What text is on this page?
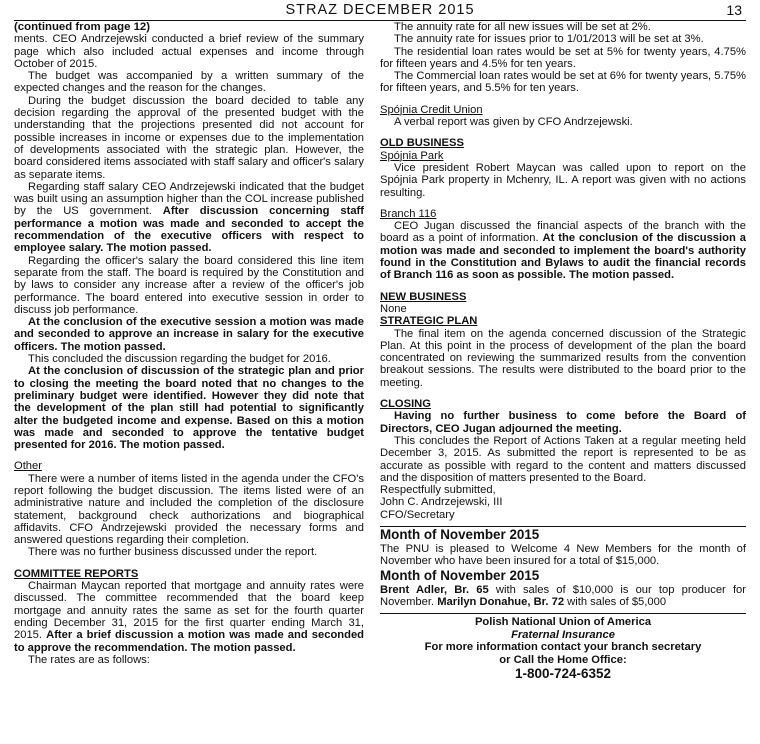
STRAZ DECEMBER 2015	13

(continued from page 12)

ments. CEO Andrzejewski conducted a brief review of the summary page which also included actual expenses and income through October of 2015.

The budget was accompanied by a written summary of the expected changes and the reason for the changes.

During the budget discussion the board decided to table any decision regarding the approval of the presented budget with the understanding that the projections presented did not account for possible increases in income or expenses due to the implementation of developments associated with the strategic plan. However, the board considered items associated with staff salary and officer's salary as separate items.

Regarding staff salary CEO Andrzejewski indicated that the budget was built using an assumption higher than the COL increase published by the US government. After discussion concerning staff performance a motion was made and seconded to accept the recommendation of the executive officers with respect to employee salary. The motion passed.

Regarding the officer's salary the board considered this line item separate from the staff. The board is required by the Constitution and by laws to consider any increase after a review of the officer's job performance. The board entered into executive session in order to discuss job performance.

At the conclusion of the executive session a motion was made and seconded to approve an increase in salary for the executive officers. The motion passed.

This concluded the discussion regarding the budget for 2016.

At the conclusion of discussion of the strategic plan and prior to closing the meeting the board noted that no changes to the preliminary budget were identified. However they did note that the development of the plan still had potential to significantly alter the budgeted income and expense. Based on this a motion was made and seconded to approve the tentative budget presented for 2016. The motion passed.

Other

There were a number of items listed in the agenda under the CFO's report following the budget discussion. The items listed were of an administrative nature and included the completion of the disclosure statement, background check authorizations and biographical affidavits. CFO Andrzejewski provided the necessary forms and answered questions regarding their completion.

There was no further business discussed under the report.

COMMITTEE REPORTS

Chairman Maycan reported that mortgage and annuity rates were discussed. The committee recommended that the board keep mortgage and annuity rates the same as set for the fourth quarter ending December 31, 2015 for the first quarter ending March 31, 2015. After a brief discussion a motion was made and seconded to approve the recommendation. The motion passed.

The rates are as follows:

The annuity rate for all new issues will be set at 2%.

The annuity rate for issues prior to 1/01/2013 will be set at 3%.

The residential loan rates would be set at 5% for twenty years, 4.75% for fifteen years and 4.5% for ten years.

The Commercial loan rates would be set at 6% for twenty years, 5.75% for fifteen years, and 5.5% for ten years.

Spójnia Credit Union

A verbal report was given by CFO Andrzejewski.

OLD BUSINESS

Spójnia Park

Vice president Robert Maycan was called upon to report on the Spójnia Park property in Mchenry, IL. A report was given with no actions resulting.

Branch 116

CEO Jugan discussed the financial aspects of the branch with the board as a point of information. At the conclusion of the discussion a motion was made and seconded to implement the board's authority found in the Constitution and Bylaws to audit the financial records of Branch 116 as soon as possible. The motion passed.

NEW BUSINESS

None

STRATEGIC PLAN

The final item on the agenda concerned discussion of the Strategic Plan. At this point in the process of development of the plan the board concentrated on reviewing the summarized results from the convention breakout sessions. The results were distributed to the board prior to the meeting.

CLOSING

Having no further business to come before the Board of Directors, CEO Jugan adjourned the meeting.

This concludes the Report of Actions Taken at a regular meeting held December 3, 2015. As submitted the report is represented to be as accurate as possible with regard to the content and matters discussed and the disposition of matters presented to the Board.

Respectfully submitted,

John C. Andrzejewski, III

CFO/Secretary

Month of November 2015

The PNU is pleased to Welcome 4 New Members for the month of November who have been insured for a total of $15,000.

Month of November 2015

Brent Adler, Br. 65 with sales of $10,000 is our top producer for November. Marilyn Donahue, Br. 72 with sales of $5,000

Polish National Union of America
Fraternal Insurance
For more information contact your branch secretary
or Call the Home Office:
1-800-724-6352
